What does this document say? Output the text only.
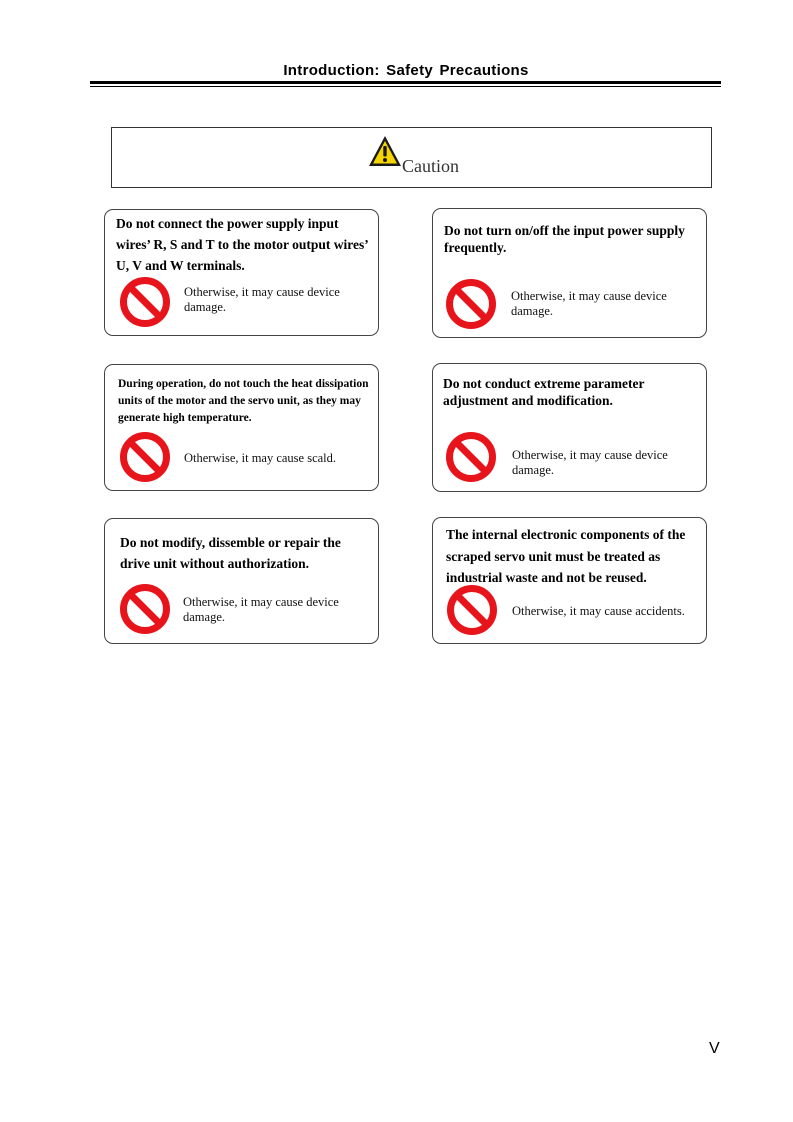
Introduction: Safety Precautions
Caution
Do not connect the power supply input wires’ R, S and T to the motor output wires’ U, V and W terminals.
Otherwise, it may cause device damage.
Do not turn on/off the input power supply frequently.
Otherwise, it may cause device damage.
During operation, do not touch the heat dissipation units of the motor and the servo unit, as they may generate high temperature.
Otherwise, it may cause scald.
Do not conduct extreme parameter adjustment and modification.
Otherwise, it may cause device damage.
Do not modify, dissemble or repair the drive unit without authorization.
Otherwise, it may cause device damage.
The internal electronic components of the scraped servo unit must be treated as industrial waste and not be reused.
Otherwise, it may cause accidents.
V
